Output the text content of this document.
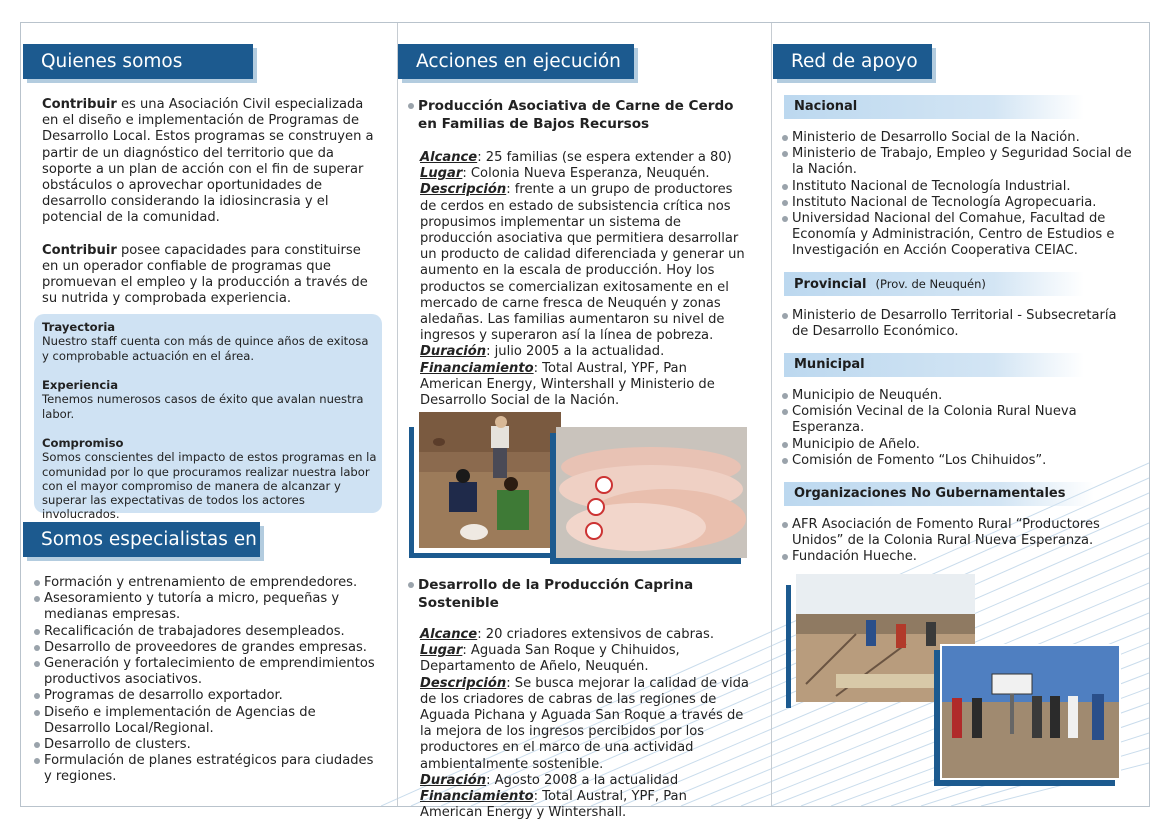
Quienes somos

Contribuir es una Asociación Civil especializada en el diseño e implementación de Programas de Desarrollo Local. Estos programas se construyen a partir de un diagnóstico del territorio que da soporte a un plan de acción con el fin de superar obstáculos o aprovechar oportunidades de desarrollo considerando la idiosincrasia y el potencial de la comunidad.

Contribuir posee capacidades para constituirse en un operador confiable de programas que promuevan el empleo y la producción a través de su nutrida y comprobada experiencia.

Trayectoria
Nuestro staff cuenta con más de quince años de exitosa y comprobable actuación en el área.
Experiencia
Tenemos numerosos casos de éxito que avalan nuestra labor.
Compromiso
Somos conscientes del impacto de estos programas en la comunidad por lo que procuramos realizar nuestra labor con el mayor compromiso de manera de alcanzar y superar las expectativas de todos los actores involucrados.
Somos especialistas en

Formación y entrenamiento de emprendedores.

Asesoramiento y tutoría a micro, pequeñas y medianas empresas.

Recalificación de trabajadores desempleados.

Desarrollo de proveedores de grandes empresas.

Generación y fortalecimiento de emprendimientos productivos asociativos.

Programas de desarrollo exportador.

Diseño e implementación de Agencias de Desarrollo Local/Regional.

Desarrollo de clusters.

Formulación de planes estratégicos para ciudades y regiones.

Acciones en ejecución

Producción Asociativa de Carne de Cerdo en Familias de Bajos Recursos

Alcance: 25 familias (se espera extender a 80)

Lugar: Colonia Nueva Esperanza, Neuquén.

Descripción: frente a un grupo de productores de cerdos en estado de subsistencia crítica nos propusimos implementar un sistema de producción asociativa que permitiera desarrollar un producto de calidad diferenciada y generar un aumento en la escala de producción. Hoy los productos se comercializan exitosamente en el mercado de carne fresca de Neuquén y zonas aledañas. Las familias aumentaron su nivel de ingresos y superaron así la línea de pobreza.

Duración: julio 2005 a la actualidad.

Financiamiento: Total Austral, YPF, Pan American Energy, Wintershall y Ministerio de Desarrollo Social de la Nación.

Desarrollo de la Producción Caprina Sostenible

Alcance: 20 criadores extensivos de cabras.

Lugar: Aguada San Roque y Chihuidos, Departamento de Añelo, Neuquén.

Descripción: Se busca mejorar la calidad de vida de los criadores de cabras de las regiones de Aguada Pichana y Aguada San Roque a través de la mejora de los ingresos percibidos por los productores en el marco de una actividad ambientalmente sostenible.

Duración: Agosto 2008 a la actualidad

Financiamiento: Total Austral, YPF, Pan American Energy y Wintershall.

Red de apoyo
Nacional

Ministerio de Desarrollo Social de la Nación.

Ministerio de Trabajo, Empleo y Seguridad Social de la Nación.

Instituto Nacional de Tecnología Industrial.

Instituto Nacional de Tecnología Agropecuaria.

Universidad Nacional del Comahue, Facultad de Economía y Administración, Centro de Estudios e Investigación en Acción Cooperativa CEIAC.

Provincial (Prov. de Neuquén)

Ministerio de Desarrollo Territorial - Subsecretaría de Desarrollo Económico.

Municipal

Municipio de Neuquén.

Comisión Vecinal de la Colonia Rural Nueva Esperanza.

Municipio de Añelo.

Comisión de Fomento “Los Chihuidos”.

Organizaciones No Gubernamentales

AFR Asociación de Fomento Rural “Productores Unidos” de la Colonia Rural Nueva Esperanza.

Fundación Hueche.
